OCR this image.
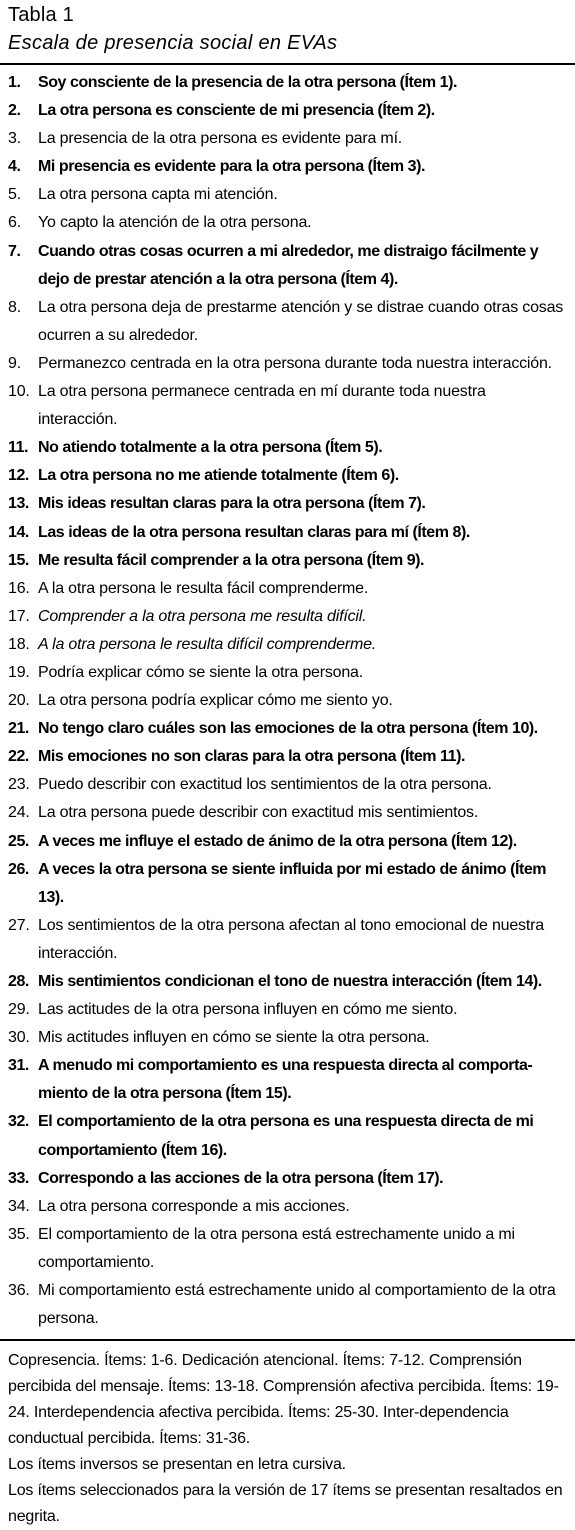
Tabla 1
Escala de presencia social en EVAs
1.	Soy consciente de la presencia de la otra persona (Ítem 1).
2.	La otra persona es consciente de mi presencia (Ítem 2).
3.	La presencia de la otra persona es evidente para mí.
4.	Mi presencia es evidente para la otra persona (Ítem 3).
5.	La otra persona capta mi atención.
6.	Yo capto la atención de la otra persona.
7.	Cuando otras cosas ocurren a mi alrededor, me distraigo fácilmente y dejo de prestar atención a la otra persona (Ítem 4).
8.	La otra persona deja de prestarme atención y se distrae cuando otras cosas ocurren a su alrededor.
9.	Permanezco centrada en la otra persona durante toda nuestra interacción.
10. La otra persona permanece centrada en mí durante toda nuestra interacción.
11. No atiendo totalmente a la otra persona (Ítem 5).
12. La otra persona no me atiende totalmente (Ítem 6).
13. Mis ideas resultan claras para la otra persona (Ítem 7).
14. Las ideas de la otra persona resultan claras para mí (Ítem 8).
15. Me resulta fácil comprender a la otra persona (Ítem 9).
16. A la otra persona le resulta fácil comprenderme.
17. Comprender a la otra persona me resulta difícil.
18. A la otra persona le resulta difícil comprenderme.
19. Podría explicar cómo se siente la otra persona.
20. La otra persona podría explicar cómo me siento yo.
21. No tengo claro cuáles son las emociones de la otra persona (Ítem 10).
22. Mis emociones no son claras para la otra persona (Ítem 11).
23. Puedo describir con exactitud los sentimientos de la otra persona.
24. La otra persona puede describir con exactitud mis sentimientos.
25. A veces me influye el estado de ánimo de la otra persona (Ítem 12).
26. A veces la otra persona se siente influida por mi estado de ánimo (Ítem 13).
27. Los sentimientos de la otra persona afectan al tono emocional de nuestra interacción.
28. Mis sentimientos condicionan el tono de nuestra interacción (Ítem 14).
29. Las actitudes de la otra persona influyen en cómo me siento.
30. Mis actitudes influyen en cómo se siente la otra persona.
31. A menudo mi comportamiento es una respuesta directa al comporta-miento de la otra persona (Ítem 15).
32. El comportamiento de la otra persona es una respuesta directa de mi comportamiento (Ítem 16).
33. Correspondo a las acciones de la otra persona (Ítem 17).
34. La otra persona corresponde a mis acciones.
35. El comportamiento de la otra persona está estrechamente unido a mi comportamiento.
36. Mi comportamiento está estrechamente unido al comportamiento de la otra persona.

Copresencia. Ítems: 1-6. Dedicación atencional. Ítems: 7-12. Comprensión percibida del mensaje. Ítems: 13-18. Comprensión afectiva percibida. Ítems: 19-24. Interdependencia afectiva percibida. Ítems: 25-30. Inter-dependencia conductual percibida. Ítems: 31-36.

Los ítems inversos se presentan en letra cursiva.

Los ítems seleccionados para la versión de 17 ítems se presentan resaltados en negrita.
